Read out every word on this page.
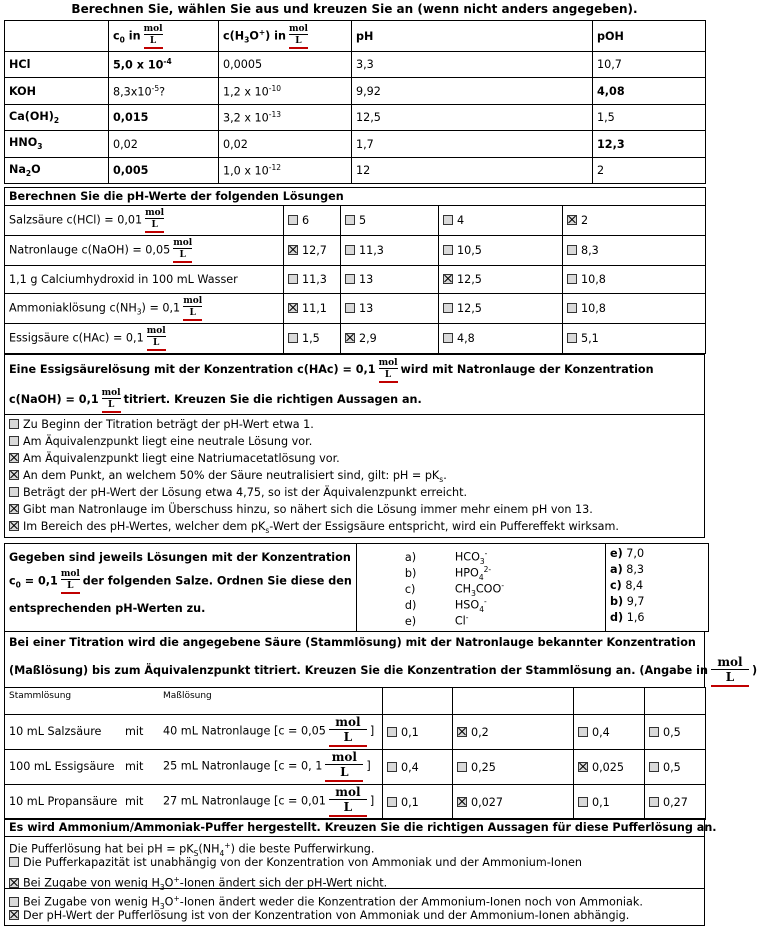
Berechnen Sie, wählen Sie aus und kreuzen Sie an (wenn nicht anders angegeben).
	$c_0$ in $\frac{\text{mol}}{L}$	$c(H_3O^+)$ in $\frac{\text{mol}}{L}$	pH	pOH
HCl	5,0 x $10^{-4}$	0,0005	3,3	10,7
KOH	$8,3x10^{-5}$?	1,2 x $10^{-10}$	9,92	4,08
$Ca(OH)_2$	0,015	3,2 x $10^{-13}$	12,5	1,5
$HNO_3$	0,02	0,02	1,7	12,3
$Na_2O$	0,005	1,0 x $10^{-12}$	12	2
Berechnen Sie die pH-Werte der folgenden Lösungen				
Salzsäure $c(HCl) = 0,01 \frac{\text{mol}}{L}$	6	5	4	2
Natronlauge c(NaOH) = $0,05 \frac{\text{mol}}{L}$	12,7	11,3	10,5	8,3
1,1 g Calciumhydroxid in 100 mL Wasser	11,3	13	12,5	10,8
Ammoniaklösung $c(NH_3) = 0,1 \frac{\text{mol}}{L}$	11,1	13	12,5	10,8
Essigsäure $c(HAc) = 0,1 \frac{\text{mol}}{L}$	1,5	2,9	4,8	5,1
Eine Essigsäurelösung mit der Konzentration $c(HAc) = 0,1 \frac{\text{mol}}{L}$ wird mit Natronlauge der Konzentration
c(NaOH) = $0,1 \frac{\text{mol}}{L}$ titriert. Kreuzen Sie die richtigen Aussagen an.
Zu Beginn der Titration beträgt der pH-Wert etwa 1.
Am Äquivalenzpunkt liegt eine neutrale Lösung vor.
Am Äquivalenzpunkt liegt eine Natriumacetatlösung vor.
An dem Punkt, an welchem 50% der Säure neutralisiert sind, gilt: pH = $pK_s$.
Beträgt der pH-Wert der Lösung etwa 4,75, so ist der Äquivalenzpunkt erreicht.
Gibt man Natronlauge im Überschuss hinzu, so nähert sich die Lösung immer mehr einem pH von 13.
Im Bereich des pH-Wertes, welcher dem $pK_s$-Wert der Essigsäure entspricht, wird ein Puffereffekt wirksam.
Gegeben sind jeweils Lösungen mit der Konzentration
$c_0 = 0,1 \frac{\text{mol}}{L}$ der folgenden Salze. Ordnen Sie diese den
entsprechenden pH-Werten zu.

a)	$HCO_3^-$
b)	$HPO_4^{2-}$
c)	$CH_3COO^-$
d)	$HSO_4^-$
e)	Cl-

e) 7,0
a) 8,3
c) 8,4
b) 9,7
d) 1,6
Bei einer Titration wird die angegebene Säure (Stammlösung) mit der Natronlauge bekannter Konzentration
(Maßlösung) bis zum Äquivalenzpunkt titriert. Kreuzen Sie die Konzentration der Stammlösung an. (Angabe in $\frac{\text{mol}}{L}$ )
Stammlösung Maßlösung				
10 mL Salzsäure mit 40 mL Natronlauge [$c = 0,05 \frac{\text{mol}}{L}$ ]	0,1	0,2	0,4	0,5
100 mL Essigsäure mit 25 mL Natronlauge [c = 0, $1 \frac{\text{mol}}{L}$ ]	0,4	0,25	0,025	0,5
10 mL Propansäure mit 27 mL Natronlauge [$c = 0,01 \frac{\text{mol}}{L}$ ]	0,1	0,027	0,1	0,27
Es wird Ammonium/Ammoniak-Puffer hergestellt. Kreuzen Sie die richtigen Aussagen für diese Pufferlösung an.
Die Pufferlösung hat bei pH = $pK_S(NH_4^+)$ die beste Pufferwirkung.
Die Pufferkapazität ist unabhängig von der Konzentration von Ammoniak und der Ammonium-Ionen
Bei Zugabe von wenig $H_3O^+$-Ionen ändert sich der pH-Wert nicht.
Bei Zugabe von wenig $H_3O^+$-Ionen ändert weder die Konzentration der Ammonium-Ionen noch von Ammoniak.
Der pH-Wert der Pufferlösung ist von der Konzentration von Ammoniak und der Ammonium-Ionen abhängig.
